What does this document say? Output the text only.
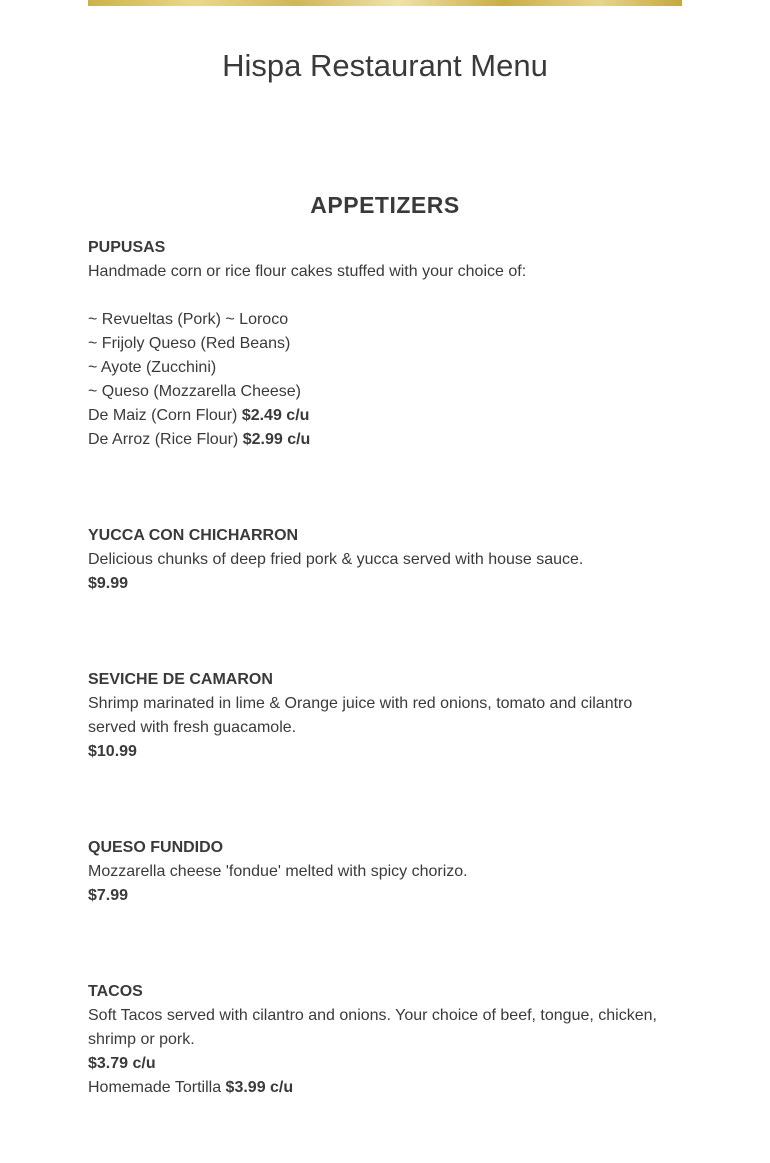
Hispa Restaurant Menu
APPETIZERS
PUPUSAS
Handmade corn or rice flour cakes stuffed with your choice of:
~ Revueltas (Pork) ~ Loroco
~ Frijoly Queso (Red Beans)
~ Ayote (Zucchini)
~ Queso (Mozzarella Cheese)
De Maiz (Corn Flour) $2.49 c/u
De Arroz (Rice Flour) $2.99 c/u
YUCCA CON CHICHARRON
Delicious chunks of deep fried pork & yucca served with house sauce.
$9.99
SEVICHE DE CAMARON
Shrimp marinated in lime & Orange juice with red onions, tomato and cilantro served with fresh guacamole.
$10.99
QUESO FUNDIDO
Mozzarella cheese 'fondue' melted with spicy chorizo.
$7.99
TACOS
Soft Tacos served with cilantro and onions. Your choice of beef, tongue, chicken, shrimp or pork.
$3.79 c/u
Homemade Tortilla $3.99 c/u
